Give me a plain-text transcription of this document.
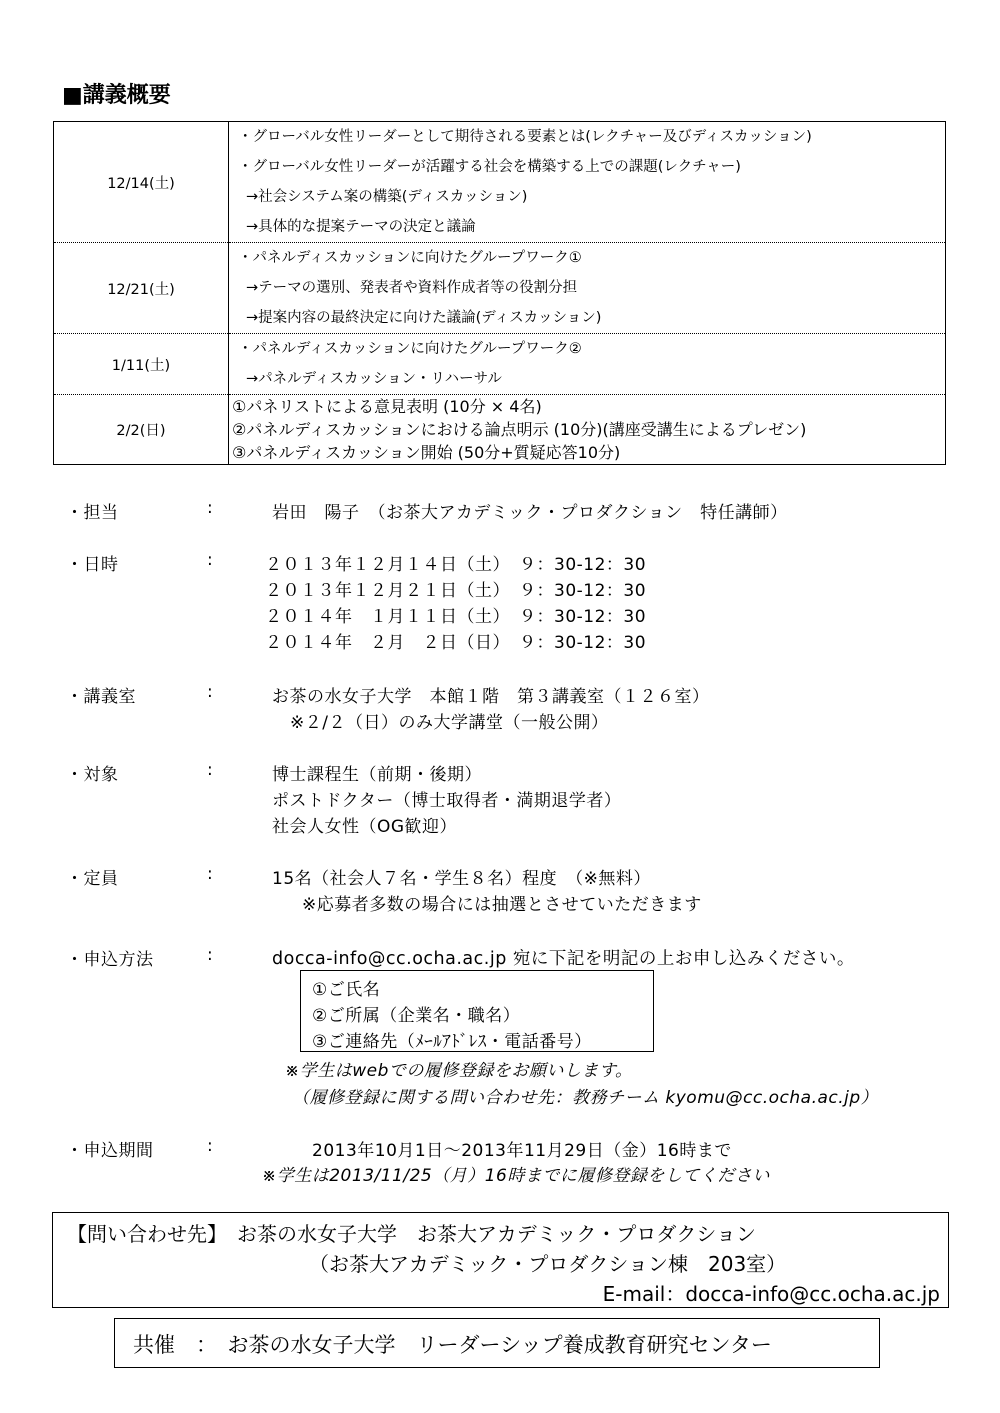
■講義概要
12/14(土)	・グローバル女性リーダーとして期待される要素とは(レクチャー及びディスカッション)
・グローバル女性リーダーが活躍する社会を構築する上での課題(レクチャー)
→社会システム案の構築(ディスカッション)
→具体的な提案テーマの決定と議論

12/21(土)	・パネルディスカッションに向けたグループワーク①
→テーマの選別、発表者や資料作成者等の役割分担
→提案内容の最終決定に向けた議論(ディスカッション)

1/11(土)	・パネルディスカッションに向けたグループワーク②
→パネルディスカッション・リハーサル

2/2(日)	①パネリストによる意見表明 (10分 × 4名)
②パネルディスカッションにおける論点明示 (10分)(講座受講生によるプレゼン)
③パネルディスカッション開始 (50分+質疑応答10分)
・担当	:	岩田　陽子　（お茶大アカデミック・プロダクション　特任講師）
・日時	:	２０１３年１２月１４日（土）　９：30-12：30
２０１３年１２月２１日（土）　９：30-12：30
２０１４年　１月１１日（土）　９：30-12：30
２０１４年　２月　２日（日）　９：30-12：30
・講義室	:	お茶の水女子大学　本館１階　第３講義室（１２６室）
※２/２（日）のみ大学講堂（一般公開）
・対象	:	博士課程生（前期・後期）
ポストドクター（博士取得者・満期退学者）
社会人女性（OG歓迎）
・定員	:	15名（社会人７名・学生８名）程度　（※無料）
※応募者多数の場合には抽選とさせていただきます
・申込方法	:	docca-info@cc.ocha.ac.jp 宛に下記を明記の上お申し込みください。
①ご氏名
②ご所属（企業名・職名）
③ご連絡先（ﾒｰﾙｱﾄﾞﾚｽ・電話番号）
※学生はwebでの履修登録をお願いします。
（履修登録に関する問い合わせ先：教務チーム kyomu@cc.ocha.ac.jp）
・申込期間	:	2013年10月1日～2013年11月29日（金）16時まで
※学生は2013/11/25（月）16時までに履修登録をしてください
【問い合わせ先】　お茶の水女子大学　お茶大アカデミック・プロダクション
（お茶大アカデミック・プロダクション棟　203室）
E-mail：docca-info@cc.ocha.ac.jp
共催　：　お茶の水女子大学　リーダーシップ養成教育研究センター
